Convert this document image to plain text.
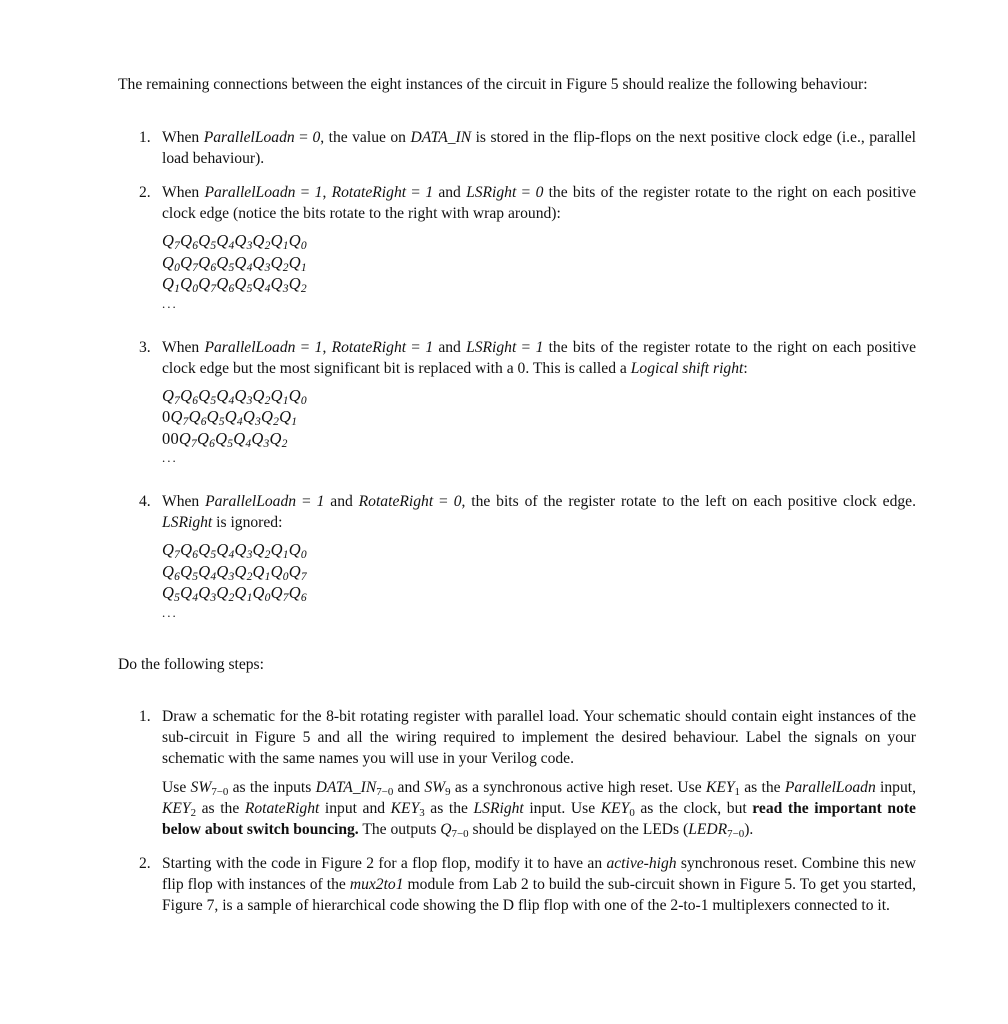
The remaining connections between the eight instances of the circuit in Figure 5 should realize the following behaviour:

1. When ParallelLoadn = 0, the value on DATA_IN is stored in the flip-flops on the next positive clock edge (i.e., parallel load behaviour).
2. When ParallelLoadn = 1, RotateRight = 1 and LSRight = 0 the bits of the register rotate to the right on each positive clock edge (notice the bits rotate to the right with wrap around):
$Q_7Q_6Q_5Q_4Q_3Q_2Q_1Q_0$
$Q_0Q_7Q_6Q_5Q_4Q_3Q_2Q_1$
$Q_1Q_0Q_7Q_6Q_5Q_4Q_3Q_2$
...
3. When ParallelLoadn = 1, RotateRight = 1 and LSRight = 1 the bits of the register rotate to the right on each positive clock edge but the most significant bit is replaced with a 0. This is called a Logical shift right:
$Q_7Q_6Q_5Q_4Q_3Q_2Q_1Q_0$
$0Q_7Q_6Q_5Q_4Q_3Q_2Q_1$
$00Q_7Q_6Q_5Q_4Q_3Q_2$
...
4. When ParallelLoadn = 1 and RotateRight = 0, the bits of the register rotate to the left on each positive clock edge. LSRight is ignored:
$Q_7Q_6Q_5Q_4Q_3Q_2Q_1Q_0$
$Q_6Q_5Q_4Q_3Q_2Q_1Q_0Q_7$
$Q_5Q_4Q_3Q_2Q_1Q_0Q_7Q_6$
...

Do the following steps:

1. Draw a schematic for the 8-bit rotating register with parallel load. Your schematic should contain eight instances of the sub-circuit in Figure 5 and all the wiring required to implement the desired behaviour. Label the signals on your schematic with the same names you will use in your Verilog code.

Use $SW_{7-0}$ as the inputs $DATA\_IN_{7-0}$ and $SW_9$ as a synchronous active high reset. Use $KEY_1$ as the ParallelLoadn input, $KEY_2$ as the RotateRight input and $KEY_3$ as the LSRight input. Use $KEY_0$ as the clock, but read the important note below about switch bouncing. The outputs $Q_{7-0}$ should be displayed on the LEDs $(LEDR_{7-0})$.

2. Starting with the code in Figure 2 for a flop flop, modify it to have an active-high synchronous reset. Combine this new flip flop with instances of the mux2to1 module from Lab 2 to build the sub-circuit shown in Figure 5. To get you started, Figure 7, is a sample of hierarchical code showing the D flip flop with one of the 2-to-1 multiplexers connected to it.
